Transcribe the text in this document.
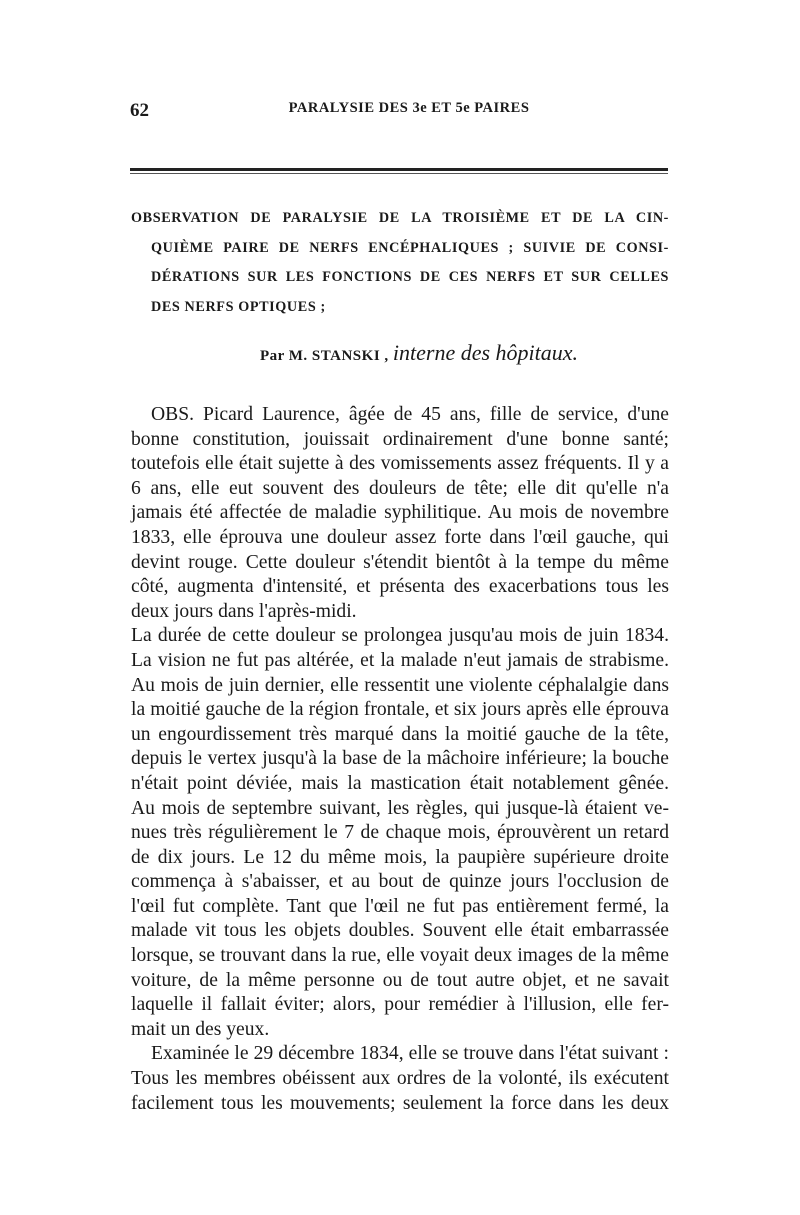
62	PARALYSIE DES 3e ET 5e PAIRES
OBSERVATION DE PARALYSIE DE LA TROISIÈME ET DE LA CIN-
QUIÈME PAIRE DE NERFS ENCÉPHALIQUES ; SUIVIE DE CONSI-
DÉRATIONS SUR LES FONCTIONS DE CES NERFS ET SUR CELLES
DES NERFS OPTIQUES ;
Par M. STANSKI , interne des hôpitaux.
OBS. Picard Laurence, âgée de 45 ans, fille de service, d'une
bonne constitution, jouissait ordinairement d'une bonne santé;
toutefois elle était sujette à des vomissements assez fréquents. Il y a
6 ans, elle eut souvent des douleurs de tête; elle dit qu'elle n'a
jamais été affectée de maladie syphilitique. Au mois de novembre
1833, elle éprouva une douleur assez forte dans l'œil gauche, qui
devint rouge. Cette douleur s'étendit bientôt à la tempe du même
côté, augmenta d'intensité, et présenta des exacerbations tous les
deux jours dans l'après-midi.
La durée de cette douleur se prolongea jusqu'au mois de juin 1834.
La vision ne fut pas altérée, et la malade n'eut jamais de strabisme.
Au mois de juin dernier, elle ressentit une violente céphalalgie dans
la moitié gauche de la région frontale, et six jours après elle éprouva
un engourdissement très marqué dans la moitié gauche de la tête,
depuis le vertex jusqu'à la base de la mâchoire inférieure; la bouche
n'était point déviée, mais la mastication était notablement gênée.
Au mois de septembre suivant, les règles, qui jusque-là étaient ve-
nues très régulièrement le 7 de chaque mois, éprouvèrent un retard
de dix jours. Le 12 du même mois, la paupière supérieure droite
commença à s'abaisser, et au bout de quinze jours l'occlusion de
l'œil fut complète. Tant que l'œil ne fut pas entièrement fermé, la
malade vit tous les objets doubles. Souvent elle était embarrassée
lorsque, se trouvant dans la rue, elle voyait deux images de la même
voiture, de la même personne ou de tout autre objet, et ne savait
laquelle il fallait éviter; alors, pour remédier à l'illusion, elle fer-
mait un des yeux.
Examinée le 29 décembre 1834, elle se trouve dans l'état suivant :
Tous les membres obéissent aux ordres de la volonté, ils exécutent
facilement tous les mouvements; seulement la force dans les deux
